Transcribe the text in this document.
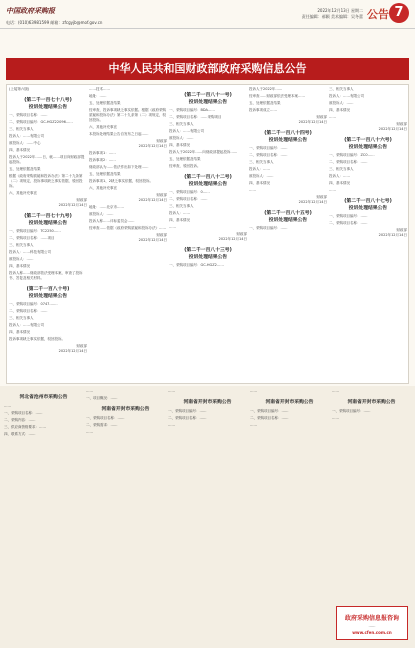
中国政府采购报
电话：(010)63981599 邮箱：zfcgyjb@mof.gov.cn
2022年12月13日 星期二
责任编辑：郝颖 美术编辑：吴冬蕾 公告 7
中华人民共和国财政部政府采购信息公告

(上接第六版)

(第二千一百七十八号)
投诉处理结果公告

一、采购项目名称：……

二、采购项目编号：GC-HGZ22096……

三、相关当事人

投诉人：……有限公司

被投诉人：……中心

四、基本情况

投诉人于2022年……日，就……项目向财政部提起投诉。

五、处理依据及结果

根据《政府采购质疑和投诉办法》第二十九条第（二）项规定，投诉事项缺乏事实依据，驳回投诉。

六、其他补充事宜

财政部
2022年12月14日

(第二千一百七十九号)
投诉处理结果公告

一、采购项目编号：TC2250……

二、采购项目名称：……项目

三、相关当事人

投诉人：……科技有限公司

被投诉人：……

四、基本情况

投诉人称……财政部依法受理本案，审查了投诉书、答复及相关材料。

(第二千一百八十号)
投诉处理结果公告

一、采购项目编号：0747-……

二、采购项目名称：……

三、相关当事人

投诉人：……有限公司

四、基本情况

投诉事项缺乏事实依据，驳回投诉。

财政部
2022年12月14日

……技术……

地址：……

五、处理依据及结果

经审查，投诉事项缺乏事实依据。根据《政府采购质疑和投诉办法》第二十九条第（二）项规定，驳回投诉。

六、其他补充事宜

本投诉处理结果公告自发布之日起……

财政部
2022年12月14日

投诉事项1：……

投诉事项2：……

财政部认为……依法作出如下处理……

五、处理依据及结果

投诉事项1、2缺乏事实依据，驳回投诉。

六、其他补充事宜

财政部
2022年12月14日

地址：……北京市……

被投诉人：……

投诉人称……评标委员会……

经审查……依据《政府采购质疑和投诉办法》……

财政部
2022年12月14日

(第二千一百八十一号)
投诉处理结果公告

一、采购项目编号：BDA……

二、采购项目名称：……采购项目

三、相关当事人

投诉人：……有限公司

被投诉人：……

四、基本情况

投诉人于2022年……向财政部提起投诉……

五、处理依据及结果

经审查，驳回投诉。

(第二千一百八十二号)
投诉处理结果公告

一、采购项目编号：0……

二、采购项目名称：……

三、相关当事人

投诉人：……

四、基本情况

……

财政部
2022年12月14日

(第二千一百八十三号)
投诉处理结果公告

一、采购项目编号：GC-HGZ2……

投诉人于2022年……

经审查……财政部依法受理本案……

五、处理依据及结果

投诉事项成立……

财政部
2022年12月14日

(第二千一百八十四号)
投诉处理结果公告

一、采购项目编号：……

二、采购项目名称：……

三、相关当事人

投诉人：……

被投诉人：……

四、基本情况

……

财政部
2022年12月14日

(第二千一百八十五号)
投诉处理结果公告

一、采购项目编号：……

三、相关当事人

投诉人：……有限公司

被投诉人：……

四、基本情况

……

财政部
2022年12月14日

(第二千一百八十六号)
投诉处理结果公告

一、采购项目编号：ZC0……

二、采购项目名称：……

三、相关当事人

投诉人：……

四、基本情况

……

(第二千一百八十七号)
投诉处理结果公告

一、采购项目编号：……

二、采购项目名称：……

财政部
2022年12月14日

政府采购信息报咨询
……
www.cfen.com.cn
河北省沧州市采购公告

……

一、采购项目名称：……

二、采购内容：……

三、供应商资格要求：……

四、联系方式：……

……

一、项目概况：……

河南省开封市采购公告

一、采购项目名称：……

二、采购需求：……

……

……

河南省开封市采购公告

一、采购项目编号：……

二、采购项目名称：……

……

……

河南省开封市采购公告

一、采购项目编号：……

二、采购项目名称：……

……

……

河南省开封市采购公告

一、采购项目编号：……

……
